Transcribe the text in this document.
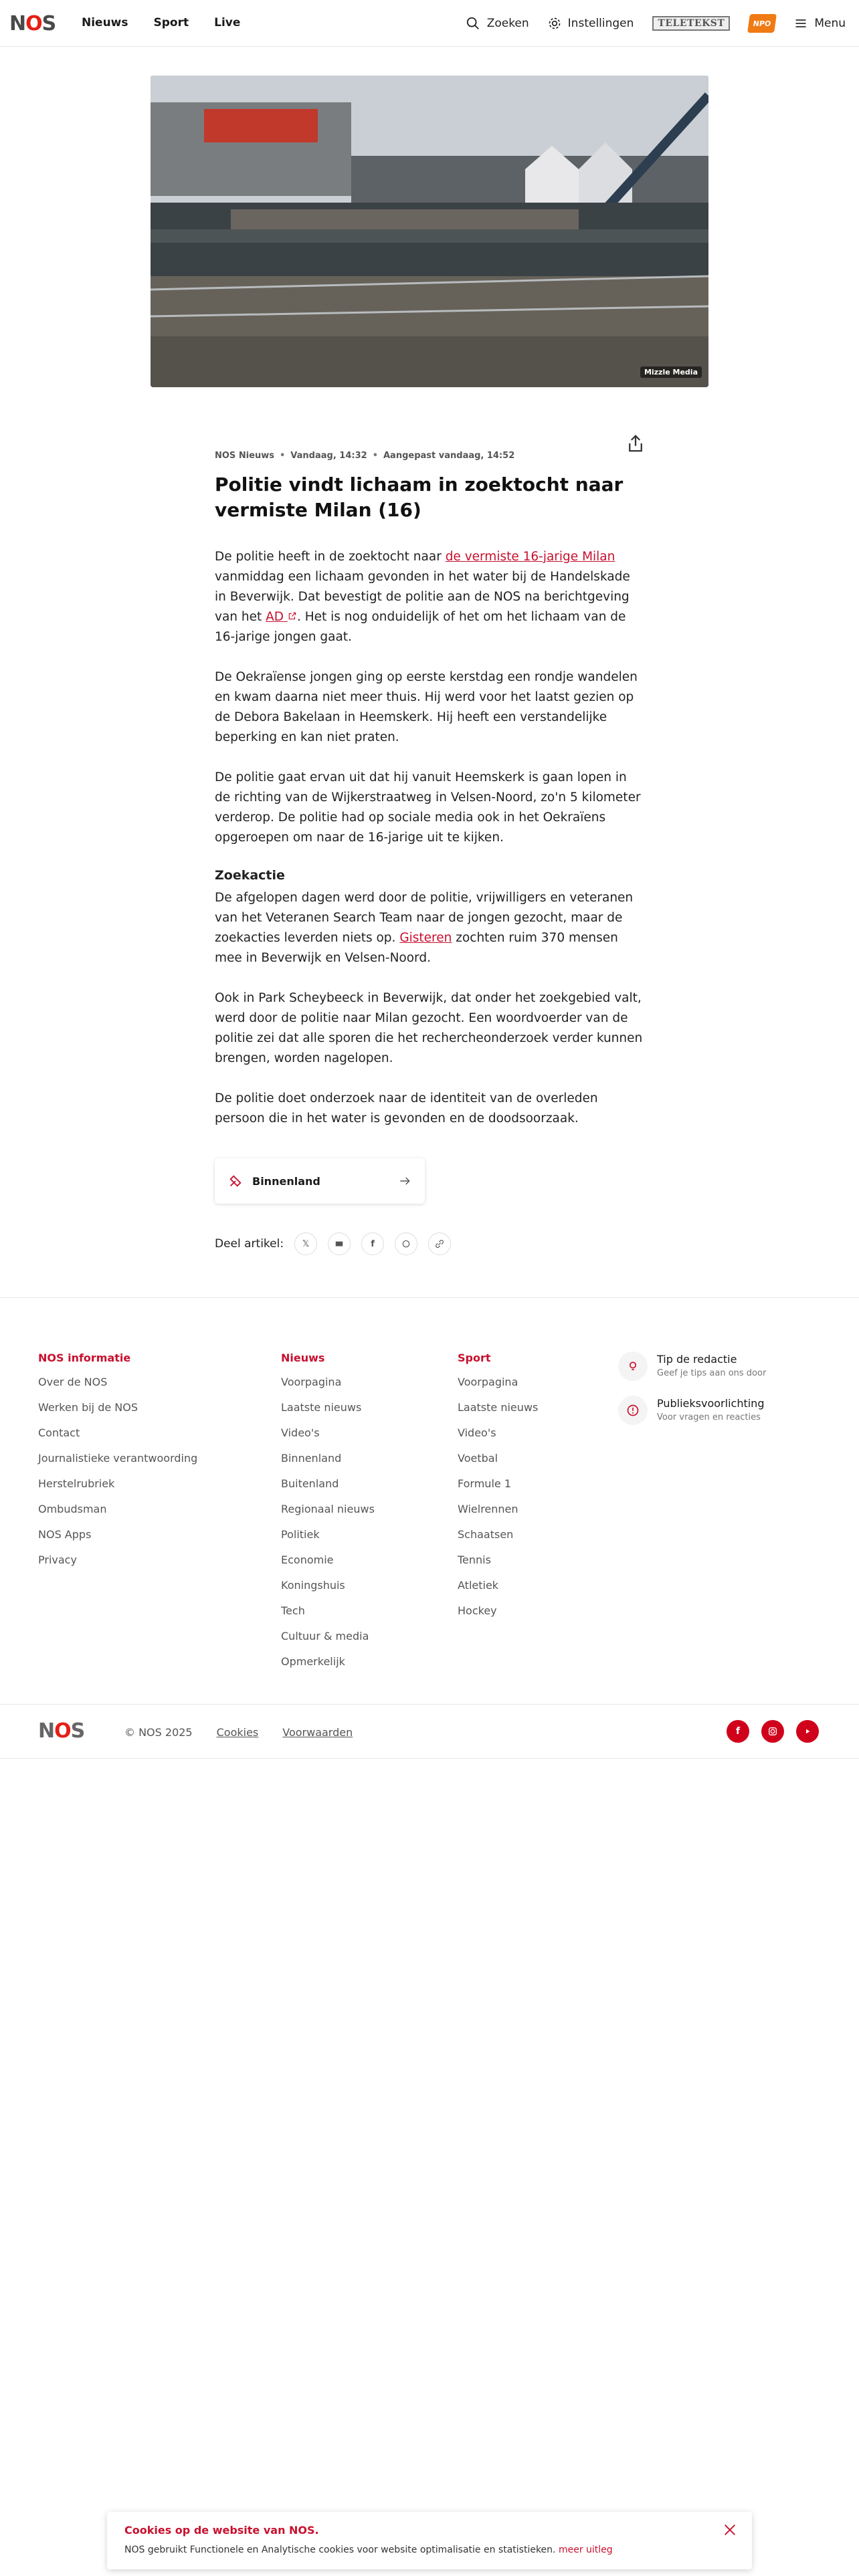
NOS Nieuws Sport Live	Zoeken	Instellingen	TELETEKST	NPO	Menu
Mizzle Media
NOS Nieuws • Vandaag, 14:32 • Aangepast vandaag, 14:52
Politie vindt lichaam in zoektocht naar vermiste Milan (16)

De politie heeft in de zoektocht naar de vermiste 16-jarige Milan vanmiddag een lichaam gevonden in het water bij de Handelskade in Beverwijk. Dat bevestigt de politie aan de NOS na berichtgeving van het AD . Het is nog onduidelijk of het om het lichaam van de 16-jarige jongen gaat.

De Oekraïense jongen ging op eerste kerstdag een rondje wandelen en kwam daarna niet meer thuis. Hij werd voor het laatst gezien op de Debora Bakelaan in Heemskerk. Hij heeft een verstandelijke beperking en kan niet praten.

De politie gaat ervan uit dat hij vanuit Heemskerk is gaan lopen in de richting van de Wijkerstraatweg in Velsen-Noord, zo'n 5 kilometer verderop. De politie had op sociale media ook in het Oekraïens opgeroepen om naar de 16-jarige uit te kijken.

Zoekactie

De afgelopen dagen werd door de politie, vrijwilligers en veteranen van het Veteranen Search Team naar de jongen gezocht, maar de zoekacties leverden niets op. Gisteren zochten ruim 370 mensen mee in Beverwijk en Velsen-Noord.

Ook in Park Scheybeeck in Beverwijk, dat onder het zoekgebied valt, werd door de politie naar Milan gezocht. Een woordvoerder van de politie zei dat alle sporen die het rechercheonderzoek verder kunnen brengen, worden nagelopen.

De politie doet onderzoek naar de identiteit van de overleden persoon die in het water is gevonden en de doodsoorzaak.

Binnenland
Deel artikel: 𝕏	f
NOS informatie
Over de NOS
Werken bij de NOS
Contact
Journalistieke verantwoording
Herstelrubriek
Ombudsman
NOS Apps
Privacy
Nieuws
Voorpagina
Laatste nieuws
Video's
Binnenland
Buitenland
Regionaal nieuws
Politiek
Economie
Koningshuis
Tech
Cultuur & media
Opmerkelijk
Sport
Voorpagina
Laatste nieuws
Video's
Voetbal
Formule 1
Wielrennen
Schaatsen
Tennis
Atletiek
Hockey
Tip de redactie
Geef je tips aan ons door
Publieksvoorlichting
Voor vragen en reacties
NOS	© NOS 2025 Cookies Voorwaarden	f
Cookies op de website van NOS.
NOS gebruikt Functionele en Analytische cookies voor website optimalisatie en statistieken. meer uitleg
